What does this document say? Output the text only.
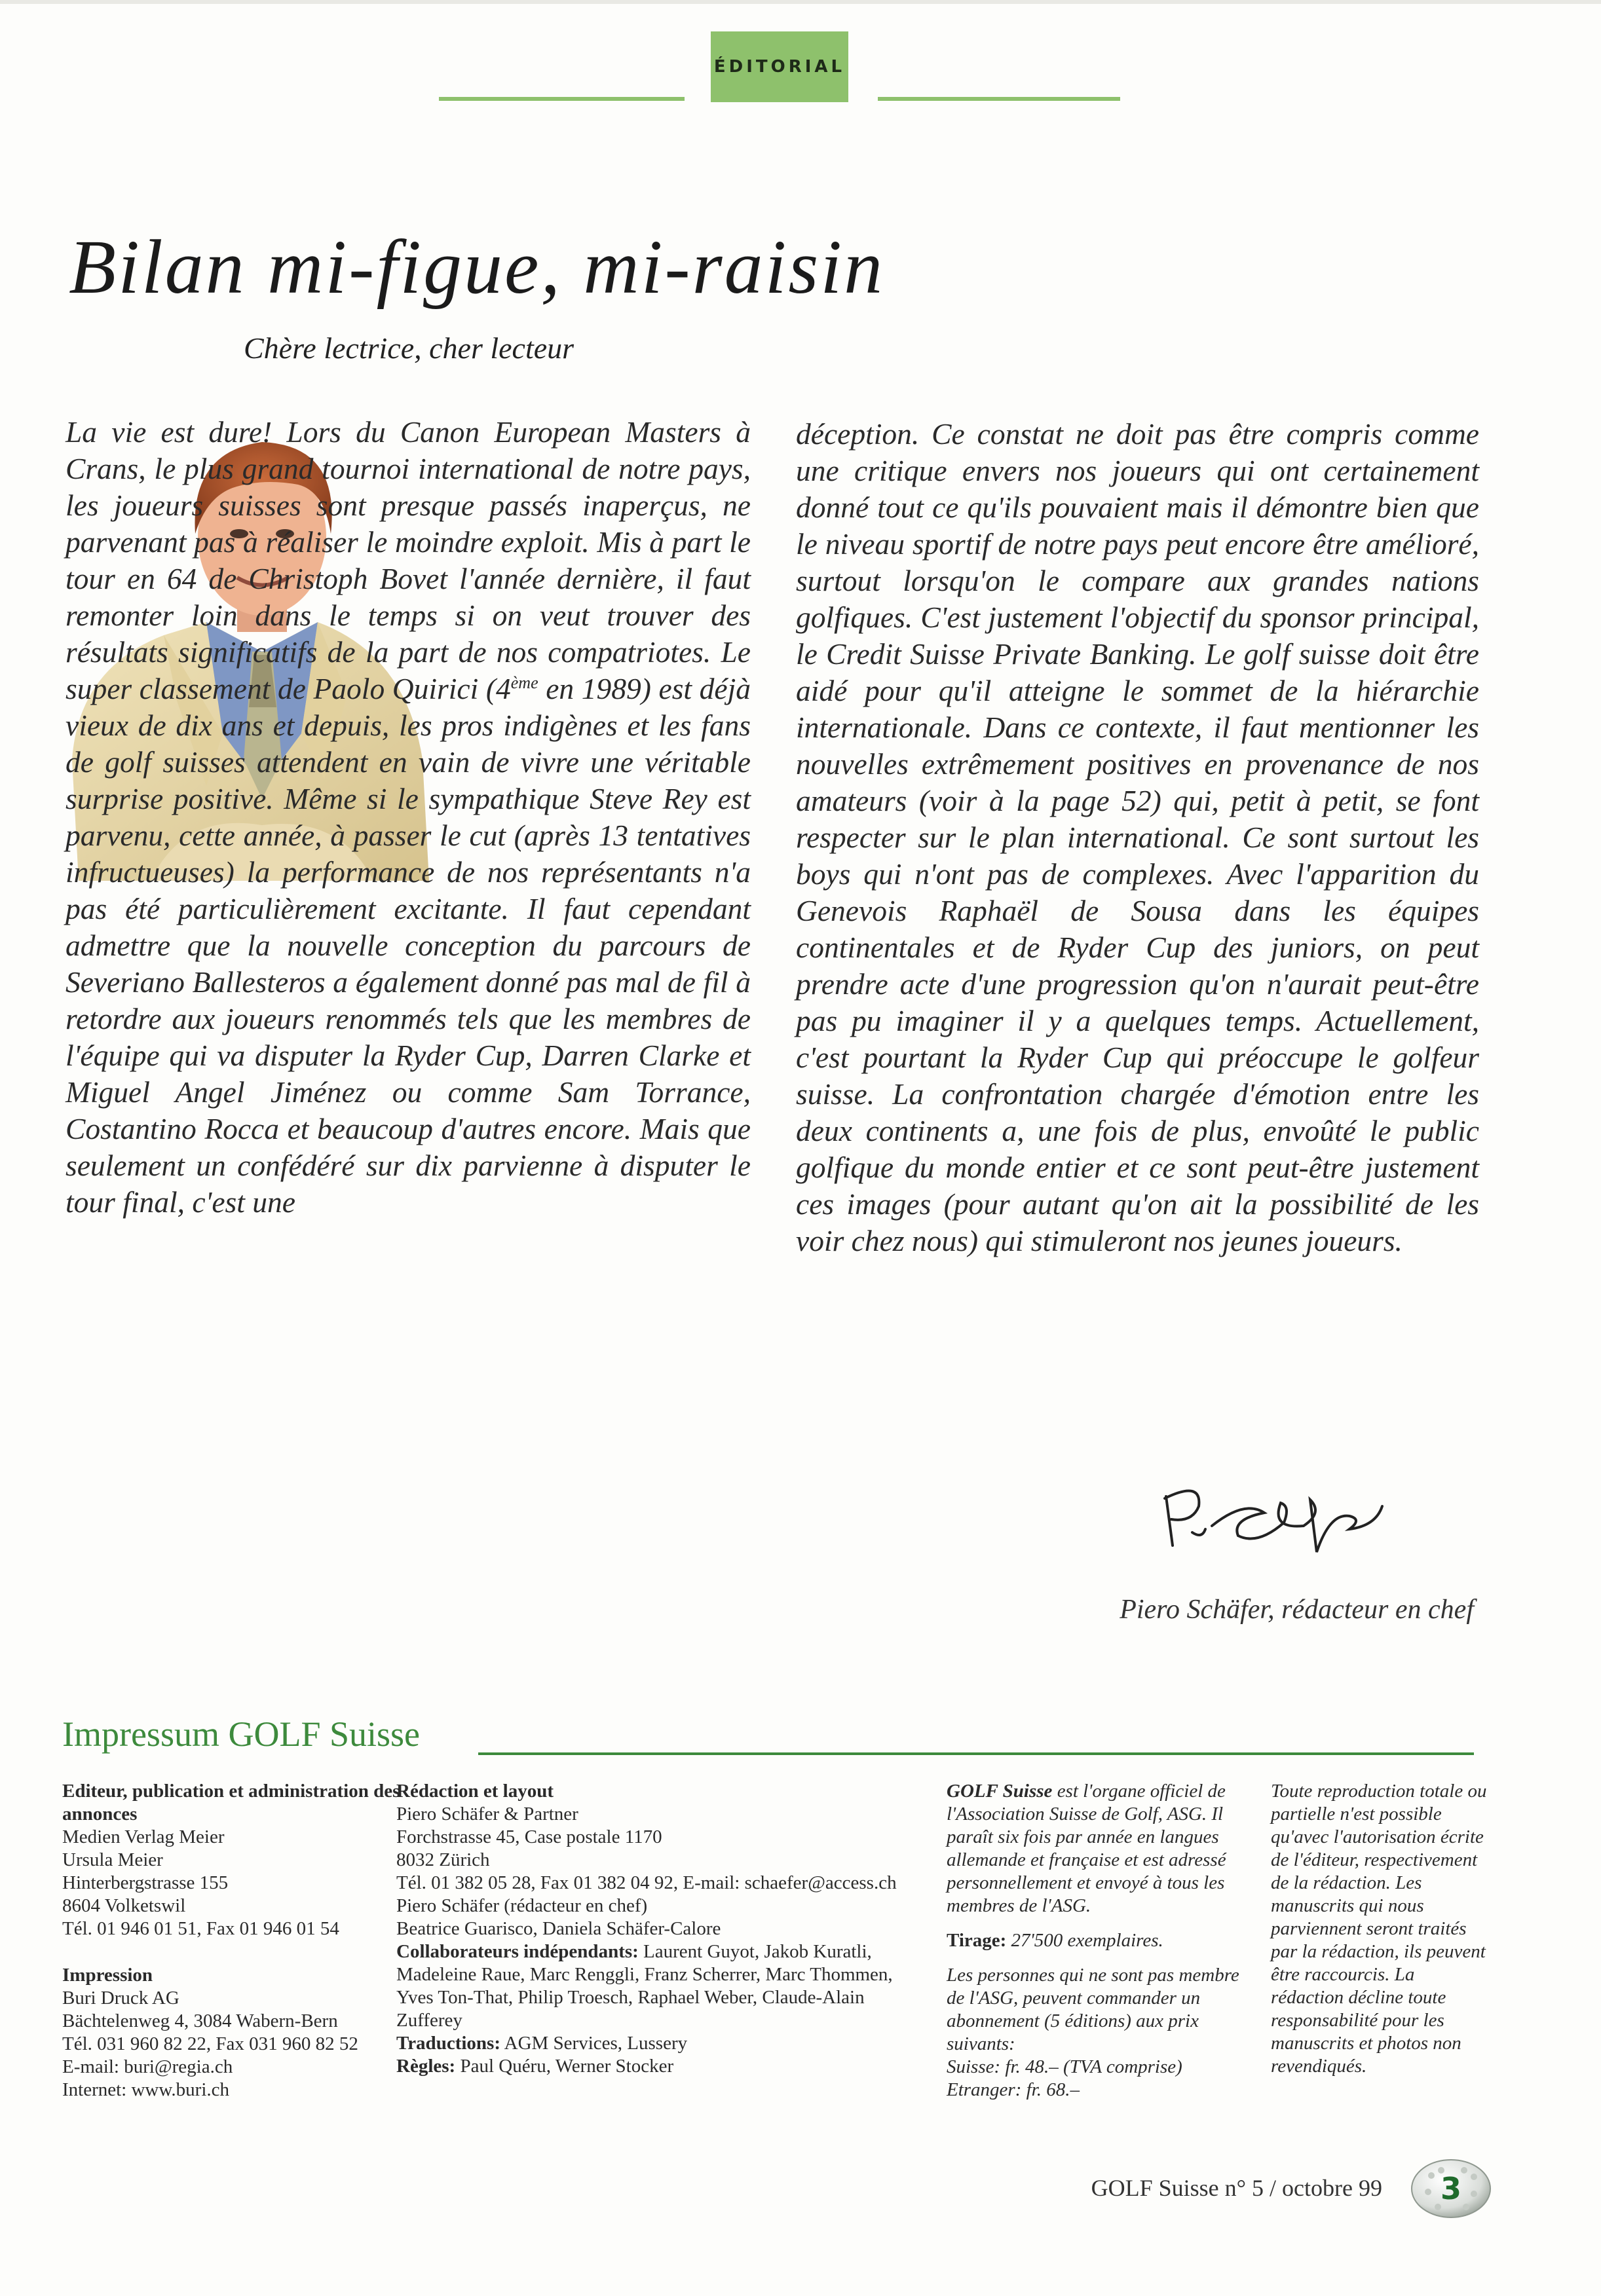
ÉDITORIAL
Bilan mi-figue, mi-raisin
Chère lectrice, cher lecteur

La vie est dure! Lors du Canon European Masters à Crans, le plus grand tournoi international de notre pays, les joueurs suisses sont presque passés inaperçus, ne parvenant pas à réaliser le moindre exploit. Mis à part le tour en 64 de Christoph Bovet l'année dernière, il faut remonter loin dans le temps si on veut trouver des résultats significatifs de la part de nos compatriotes. Le super classement de Paolo Quirici (4ème en 1989) est déjà vieux de dix ans et depuis, les pros indigènes et les fans de golf suisses attendent en vain de vivre une véritable surprise positive. Même si le sympathique Steve Rey est parvenu, cette année, à passer le cut (après 13 tentatives infructueuses) la performance de nos représentants n'a pas été particulièrement excitante. Il faut cependant admettre que la nouvelle conception du parcours de Severiano Ballesteros a également donné pas mal de fil à retordre aux joueurs renommés tels que les membres de l'équipe qui va disputer la Ryder Cup, Darren Clarke et Miguel Angel Jiménez ou comme Sam Torrance, Costantino Rocca et beaucoup d'autres encore. Mais que seulement un confédéré sur dix parvienne à disputer le tour final, c'est une

déception. Ce constat ne doit pas être compris comme une critique envers nos joueurs qui ont certainement donné tout ce qu'ils pouvaient mais il démontre bien que le niveau sportif de notre pays peut encore être amélioré, surtout lorsqu'on le compare aux grandes nations golfiques. C'est justement l'objectif du sponsor principal, le Credit Suisse Private Banking. Le golf suisse doit être aidé pour qu'il atteigne le sommet de la hiérarchie internationale. Dans ce contexte, il faut mentionner les nouvelles extrêmement positives en provenance de nos amateurs (voir à la page 52) qui, petit à petit, se font respecter sur le plan international. Ce sont surtout les boys qui n'ont pas de complexes. Avec l'apparition du Genevois Raphaël de Sousa dans les équipes continentales et de Ryder Cup des juniors, on peut prendre acte d'une progression qu'on n'aurait peut-être pas pu imaginer il y a quelques temps. Actuellement, c'est pourtant la Ryder Cup qui préoccupe le golfeur suisse. La confrontation chargée d'émotion entre les deux continents a, une fois de plus, envoûté le public golfique du monde entier et ce sont peut-être justement ces images (pour autant qu'on ait la possibilité de les voir chez nous) qui stimuleront nos jeunes joueurs.

Piero Schäfer, rédacteur en chef
Impressum GOLF Suisse

Editeur, publication et administration des annonces

Medien Verlag Meier

Ursula Meier

Hinterbergstrasse 155

8604 Volketswil

Tél. 01 946 01 51, Fax 01 946 01 54

Impression

Buri Druck AG

Bächtelenweg 4, 3084 Wabern-Bern

Tél. 031 960 82 22, Fax 031 960 82 52

E-mail: buri@regia.ch

Internet: www.buri.ch

Rédaction et layout

Piero Schäfer & Partner

Forchstrasse 45, Case postale 1170

8032 Zürich

Tél. 01 382 05 28, Fax 01 382 04 92, E-mail: schaefer@access.ch

Piero Schäfer (rédacteur en chef)

Beatrice Guarisco, Daniela Schäfer-Calore

Collaborateurs indépendants: Laurent Guyot, Jakob Kuratli, Madeleine Raue, Marc Renggli, Franz Scherrer, Marc Thommen, Yves Ton-That, Philip Troesch, Raphael Weber, Claude-Alain Zufferey

Traductions: AGM Services, Lussery

Règles: Paul Quéru, Werner Stocker

GOLF Suisse est l'organe officiel de l'Association Suisse de Golf, ASG. Il paraît six fois par année en langues allemande et française et est adressé personnellement et envoyé à tous les membres de l'ASG.

Tirage: 27'500 exemplaires.

Les personnes qui ne sont pas membre de l'ASG, peuvent commander un abonnement (5 éditions) aux prix suivants:

Suisse: fr. 48.– (TVA comprise)

Etranger: fr. 68.–

Toute reproduction totale ou partielle n'est possible qu'avec l'autorisation écrite de l'éditeur, respectivement de la rédaction. Les manuscrits qui nous parviennent seront traités par la rédaction, ils peuvent être raccourcis. La rédaction décline toute responsabilité pour les manuscrits et photos non revendiqués.

GOLF Suisse n° 5 / octobre 99 3
